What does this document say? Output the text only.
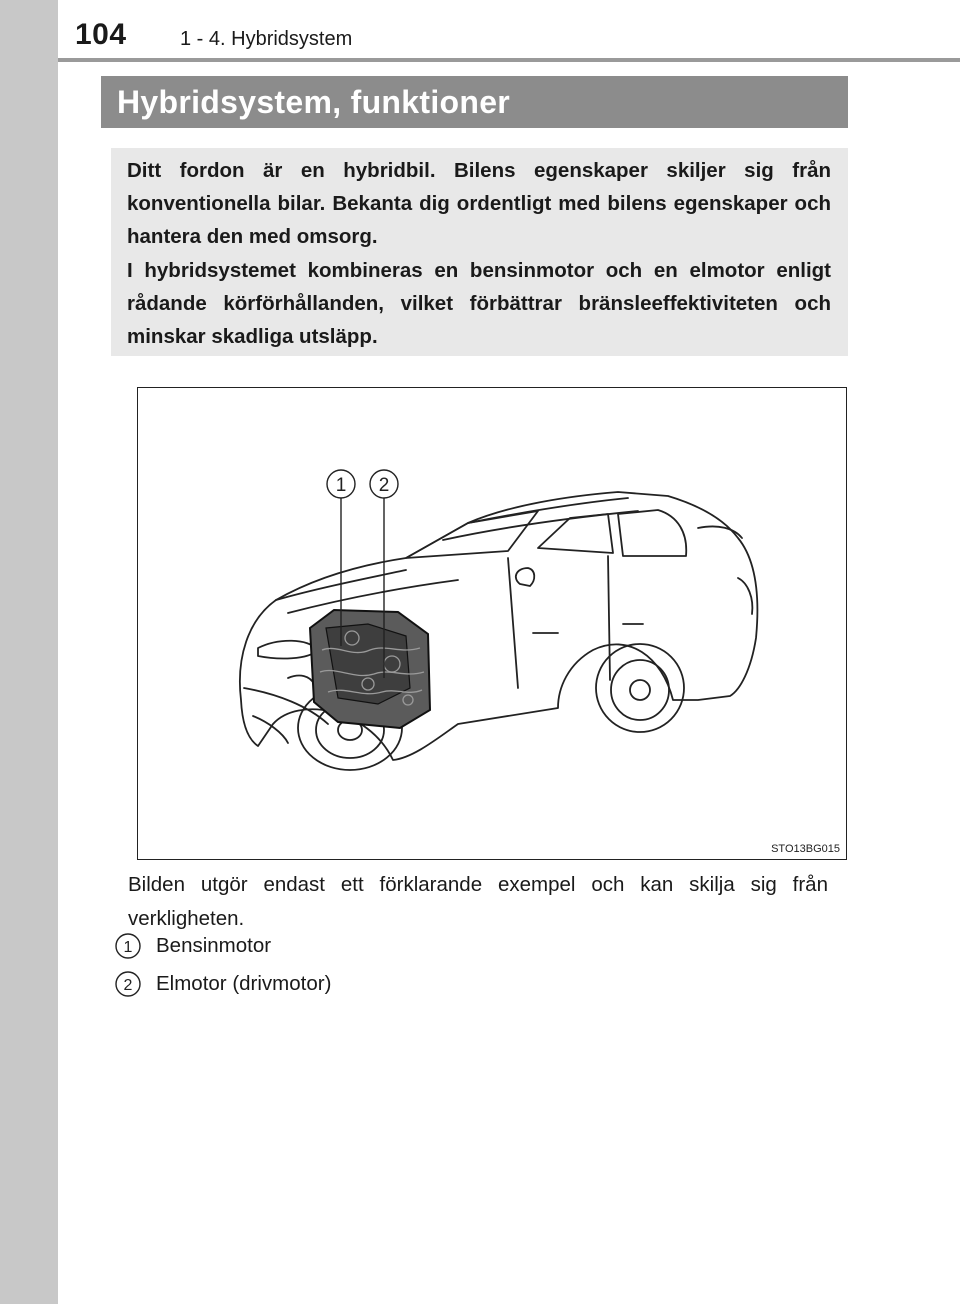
104	1 - 4. Hybridsystem
Hybridsystem, funktioner

Ditt fordon är en hybridbil. Bilens egenskaper skiljer sig från konventionella bilar. Bekanta dig ordentligt med bilens egenskaper och hantera den med omsorg.

I hybridsystemet kombineras en bensinmotor och en elmotor enligt rådande körförhållanden, vilket förbättrar bränsleeffektiviteten och minskar skadliga utsläpp.

1 2
STO13BG015

Bilden utgör endast ett förklarande exempel och kan skilja sig från verkligheten.

1 Bensinmotor
2 Elmotor (drivmotor)
